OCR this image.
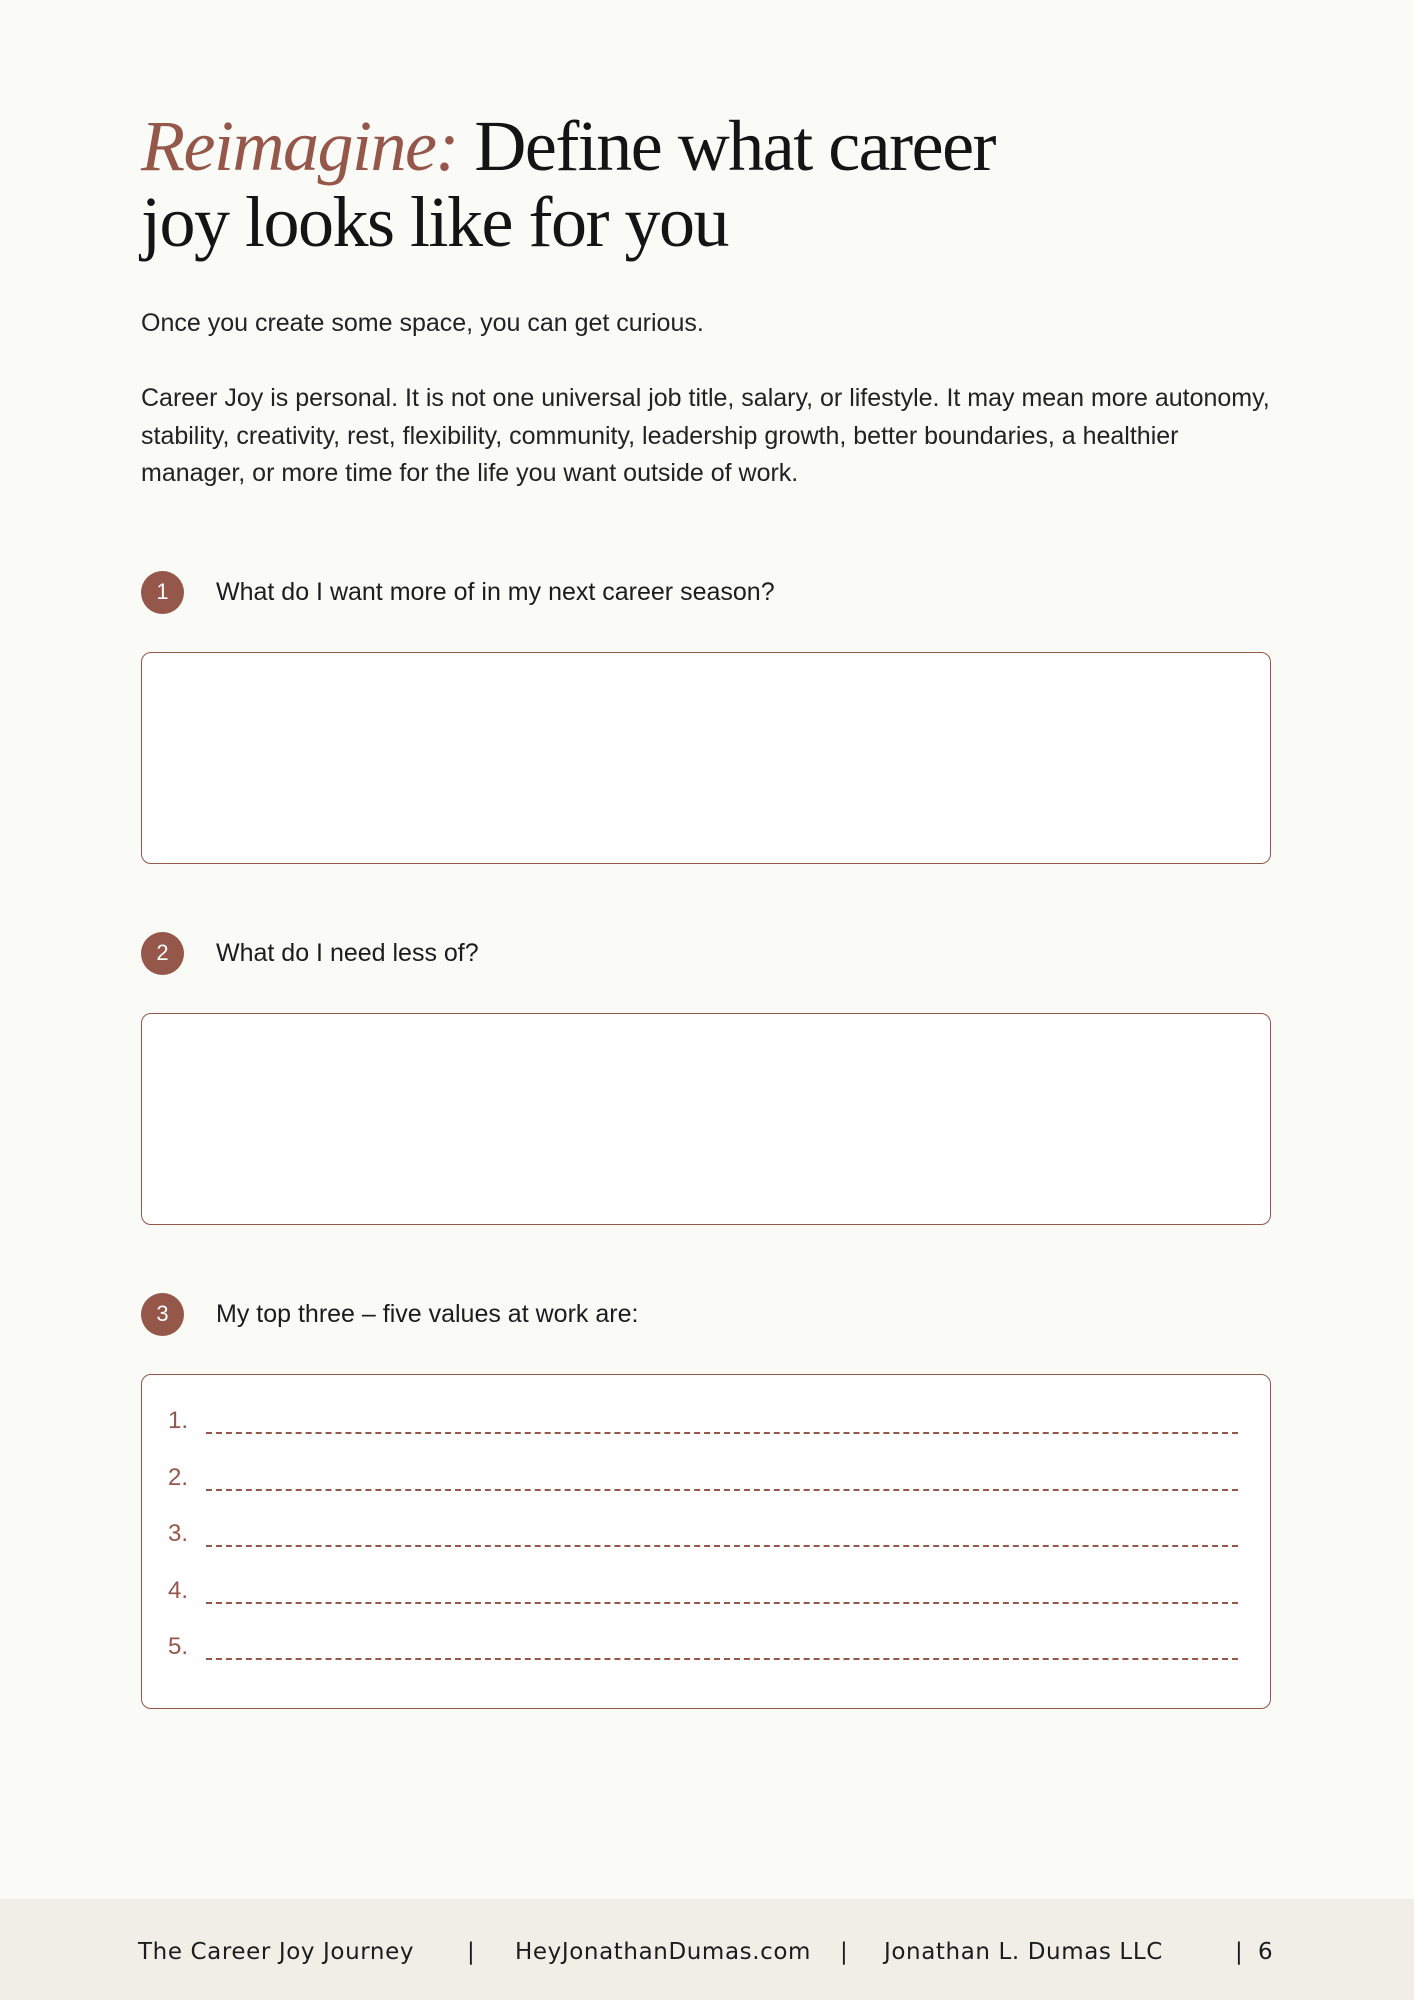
Reimagine: Define what career
joy looks like for you

Once you create some space, you can get curious.

Career Joy is personal. It is not one universal job title, salary, or lifestyle. It may mean more autonomy, stability, creativity, rest, flexibility, community, leadership growth, better boundaries, a healthier manager, or more time for the life you want outside of work.

1	What do I want more of in my next career season?
2	What do I need less of?
3	My top three – five values at work are:
1.
2.
3.
4.
5.
The Career Joy Journey | HeyJonathanDumas.com | Jonathan L. Dumas LLC	| 6
